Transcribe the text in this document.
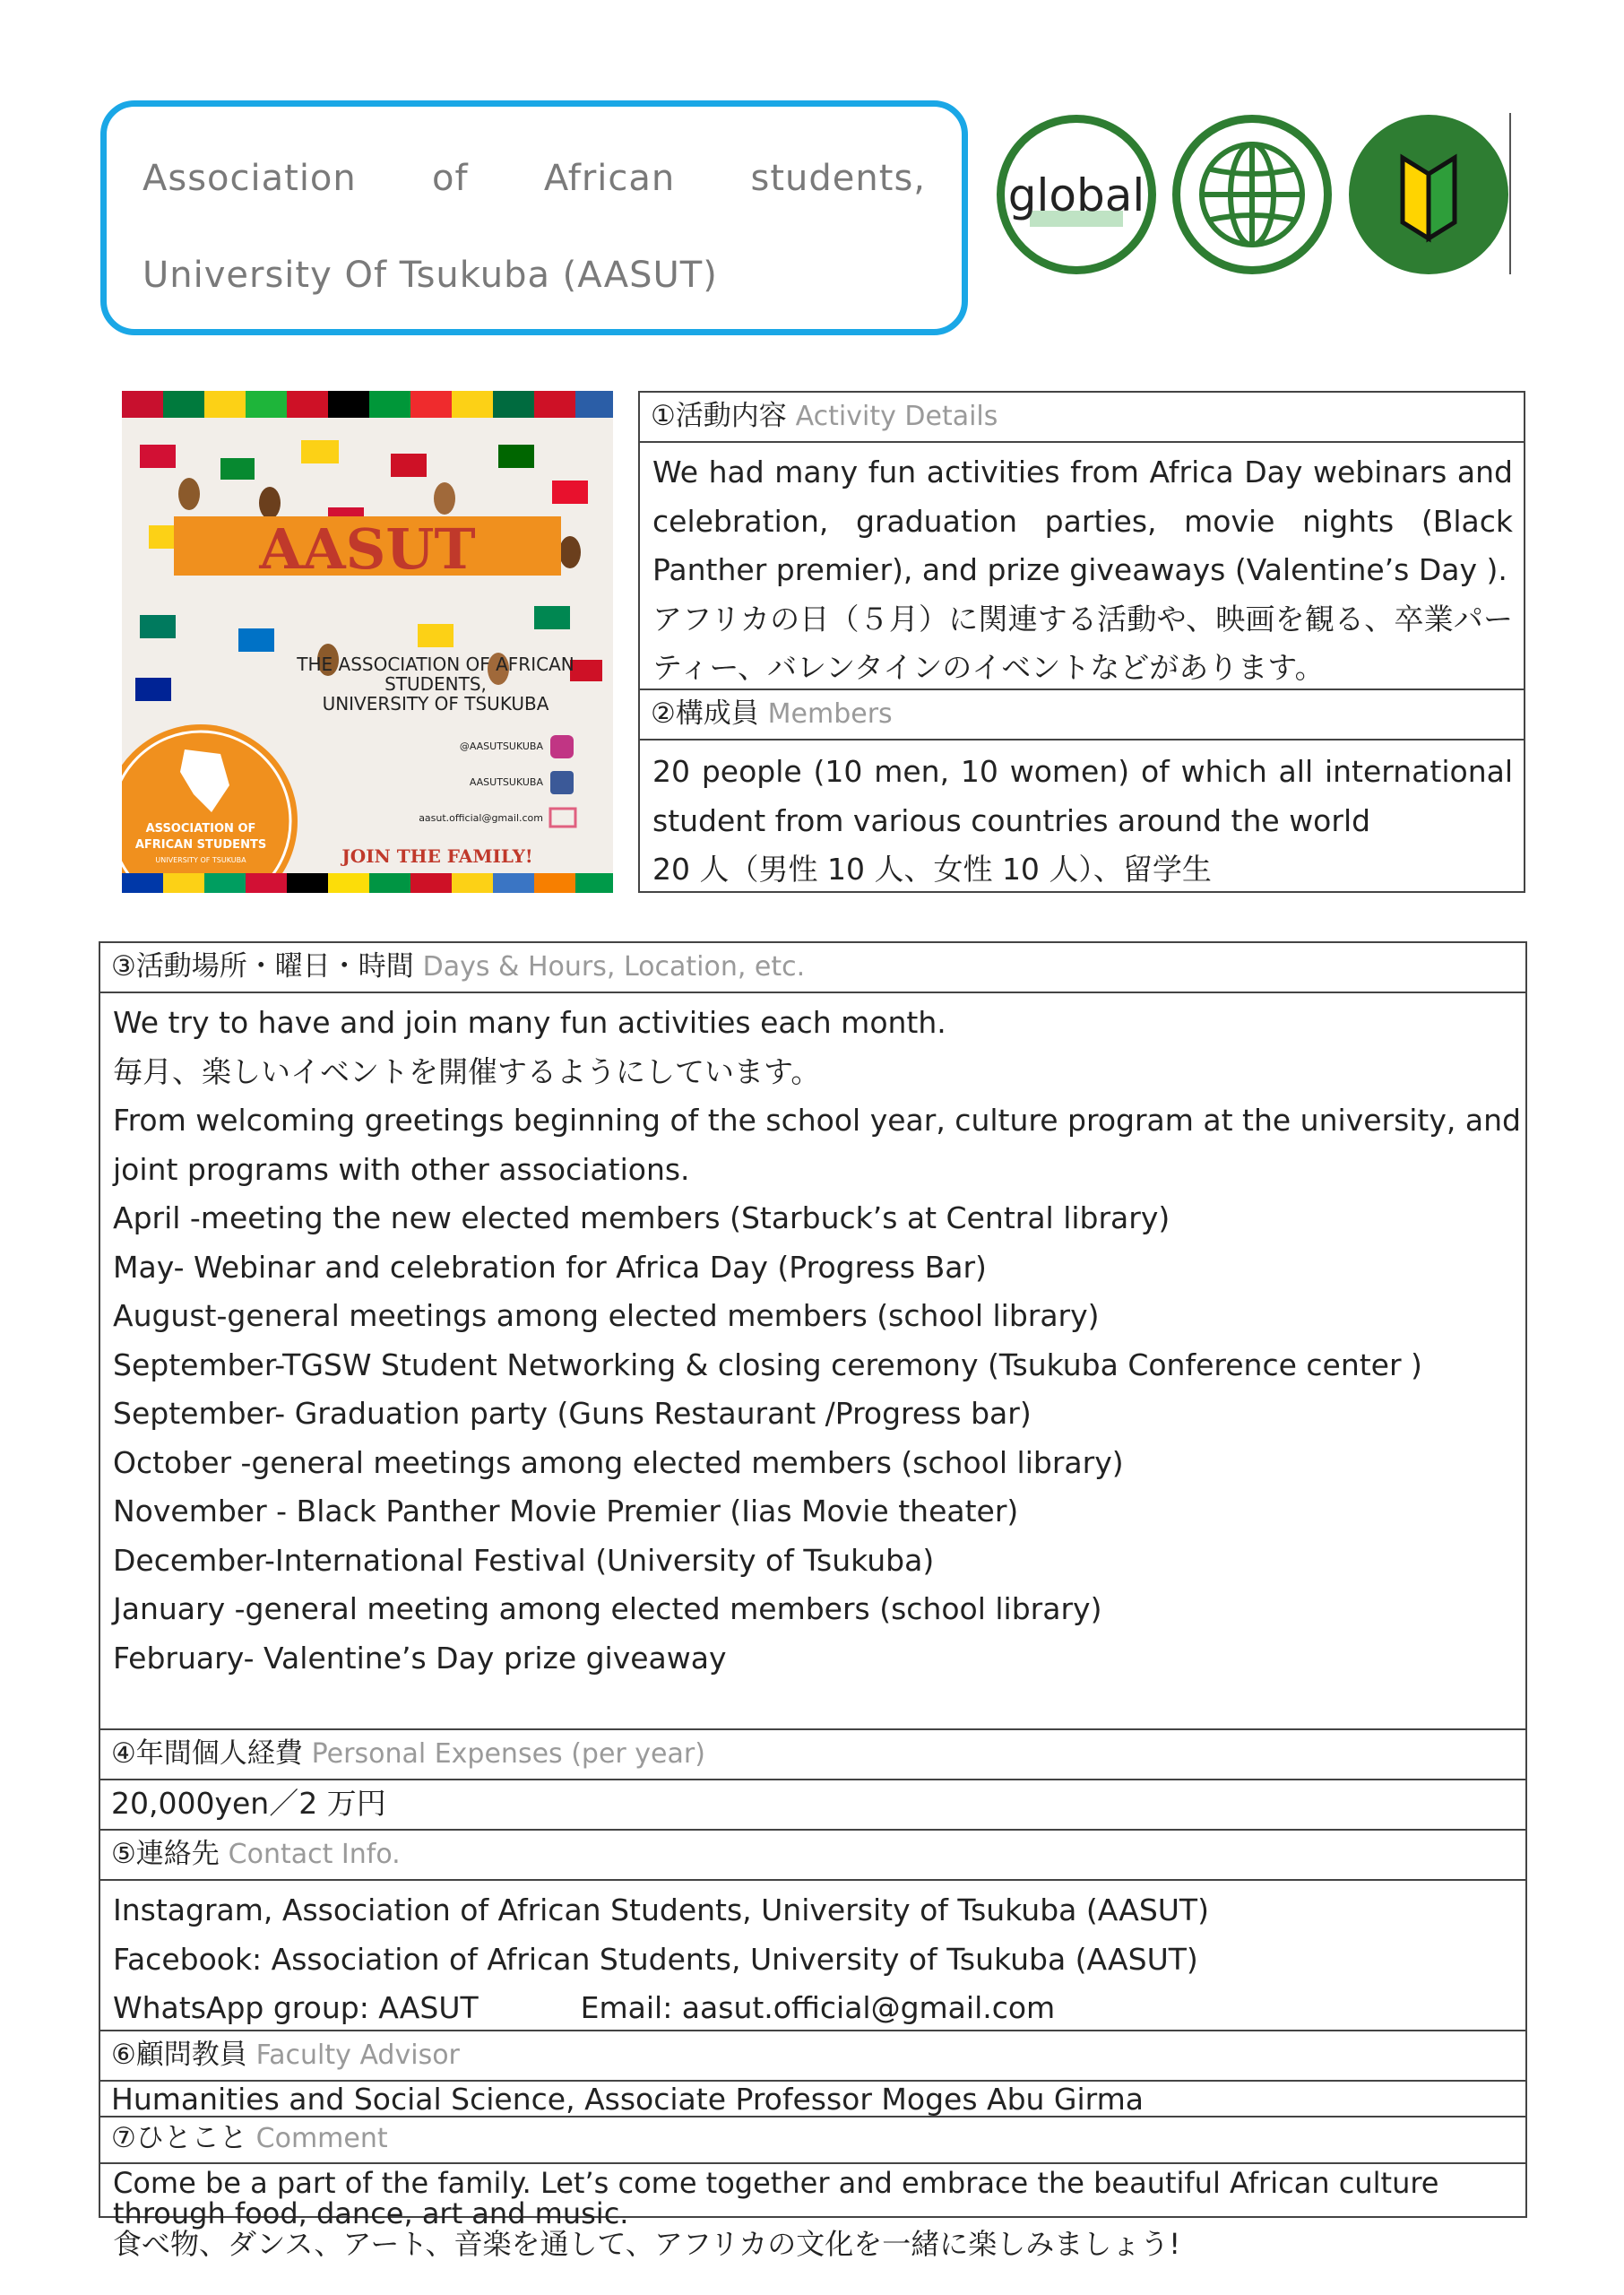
Association of African students, University Of Tsukuba (AASUT)
global
AASUT
THE ASSOCIATION OF AFRICAN
STUDENTS,
UNIVERSITY OF TSUKUBA
@AASUTSUKUBA
AASUTSUKUBA
aasut.official@gmail.com
ASSOCIATION OF
AFRICAN STUDENTS
UNIVERSITY OF TSUKUBA	JOIN THE FAMILY!
①活動内容 Activity Details
We had many fun activities from Africa Day webinars and celebration, graduation parties, movie nights (Black Panther premier), and prize giveaways (Valentine’s Day ).
アフリカの日（５月）に関連する活動や、映画を観る、卒業パーティー、バレンタインのイベントなどがあります。
②構成員 Members
20 people (10 men, 10 women) of which all international student from various countries around the world
20 人（男性 10 人、女性 10 人）、留学生
③活動場所・曜日・時間 Days & Hours, Location, etc.
We try to have and join many fun activities each month.
毎月、楽しいイベントを開催するようにしています。
From welcoming greetings beginning of the school year, culture program at the university, and
joint programs with other associations.
April -meeting the new elected members (Starbuck’s at Central library)
May- Webinar and celebration for Africa Day (Progress Bar)
August-general meetings among elected members (school library)
September-TGSW Student Networking & closing ceremony (Tsukuba Conference center )
September- Graduation party (Guns Restaurant /Progress bar)
October -general meetings among elected members (school library)
November - Black Panther Movie Premier (Iias Movie theater)
December-International Festival (University of Tsukuba)
January -general meeting among elected members (school library)
February- Valentine’s Day prize giveaway
④年間個人経費 Personal Expenses (per year)
20,000yen／2 万円
⑤連絡先 Contact Info.
Instagram, Association of African Students, University of Tsukuba (AASUT)
Facebook: Association of African Students, University of Tsukuba (AASUT)
WhatsApp group: AASUT	Email: aasut.official@gmail.com
⑥顧問教員 Faculty Advisor
Humanities and Social Science, Associate Professor Moges Abu Girma
⑦ひとこと Comment
Come be a part of the family. Let’s come together and embrace the beautiful African culture through food, dance, art and music.
食べ物、ダンス、アート、音楽を通して、アフリカの文化を一緒に楽しみましょう!
